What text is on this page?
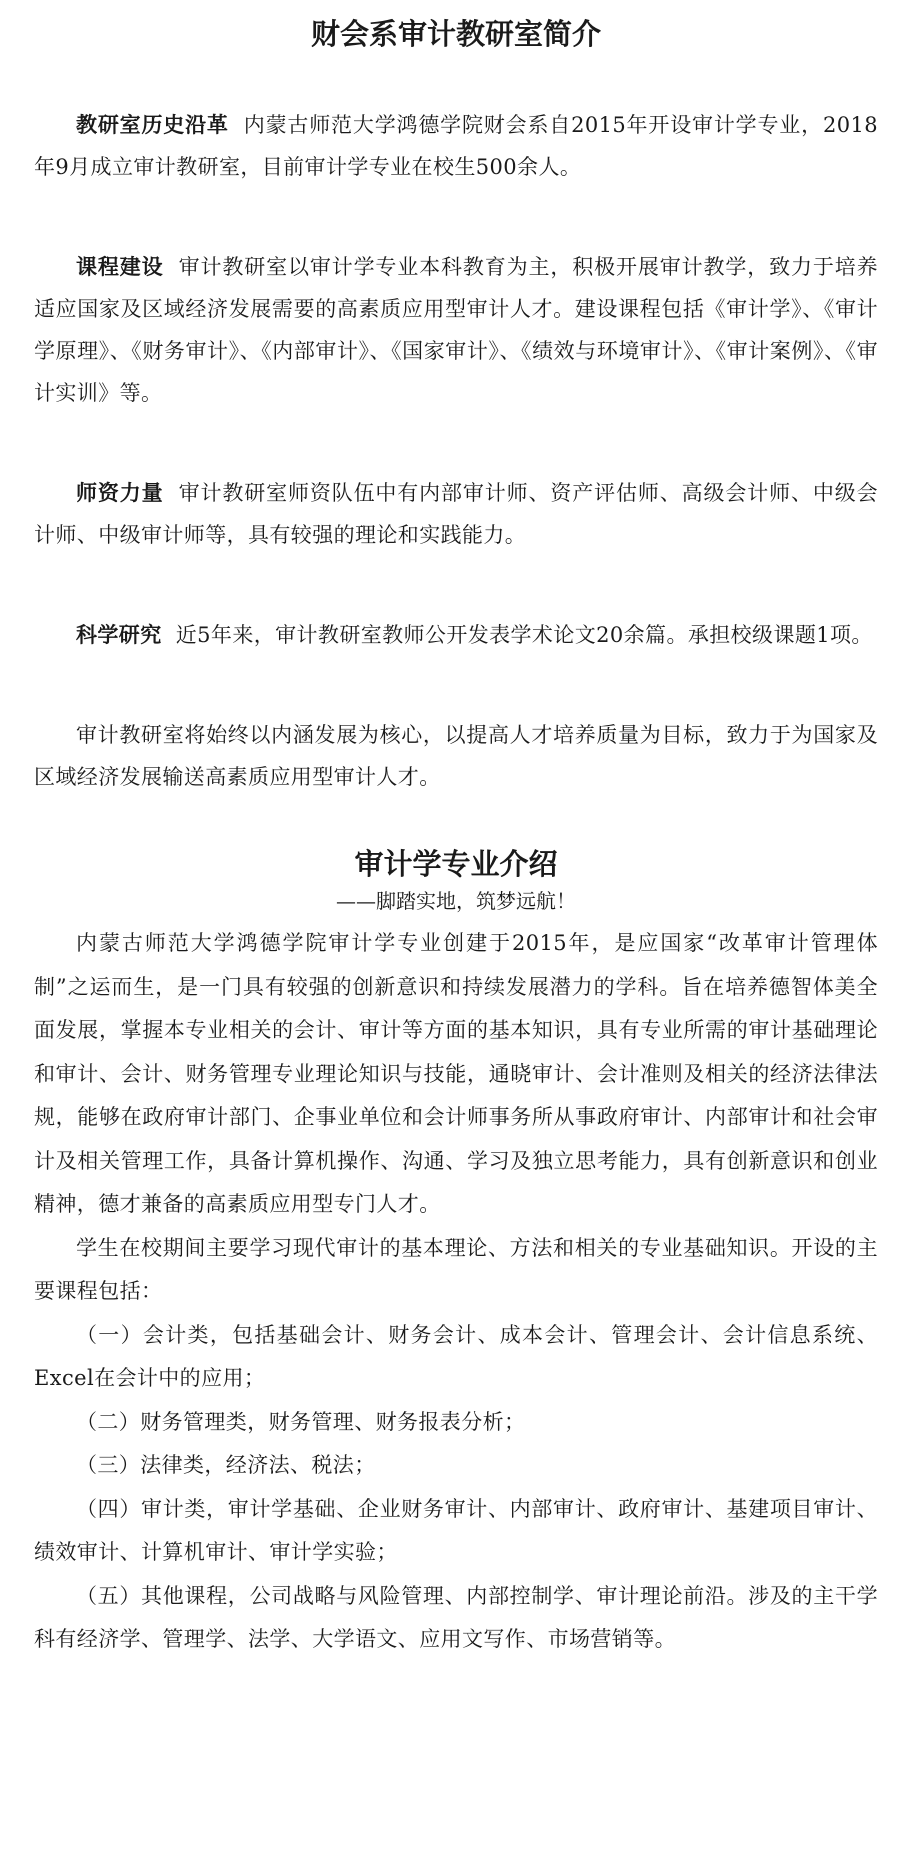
财会系审计教研室简介

教研室历史沿革 内蒙古师范大学鸿德学院财会系自2015年开设审计学专业，2018年9月成立审计教研室，目前审计学专业在校生500余人。

课程建设 审计教研室以审计学专业本科教育为主，积极开展审计教学，致力于培养适应国家及区域经济发展需要的高素质应用型审计人才。建设课程包括《审计学》、《审计学原理》、《财务审计》、《内部审计》、《国家审计》、《绩效与环境审计》、《审计案例》、《审计实训》等。

师资力量 审计教研室师资队伍中有内部审计师、资产评估师、高级会计师、中级会计师、中级审计师等，具有较强的理论和实践能力。

科学研究 近5年来，审计教研室教师公开发表学术论文20余篇。承担校级课题1项。

审计教研室将始终以内涵发展为核心，以提高人才培养质量为目标，致力于为国家及区域经济发展输送高素质应用型审计人才。

审计学专业介绍
——脚踏实地，筑梦远航！

内蒙古师范大学鸿德学院审计学专业创建于2015年，是应国家“改革审计管理体制”之运而生，是一门具有较强的创新意识和持续发展潜力的学科。旨在培养德智体美全面发展，掌握本专业相关的会计、审计等方面的基本知识，具有专业所需的审计基础理论和审计、会计、财务管理专业理论知识与技能，通晓审计、会计准则及相关的经济法律法规，能够在政府审计部门、企事业单位和会计师事务所从事政府审计、内部审计和社会审计及相关管理工作，具备计算机操作、沟通、学习及独立思考能力，具有创新意识和创业精神，德才兼备的高素质应用型专门人才。

学生在校期间主要学习现代审计的基本理论、方法和相关的专业基础知识。开设的主要课程包括：

（一）会计类，包括基础会计、财务会计、成本会计、管理会计、会计信息系统、Excel在会计中的应用；

（二）财务管理类，财务管理、财务报表分析；

（三）法律类，经济法、税法；

（四）审计类，审计学基础、企业财务审计、内部审计、政府审计、基建项目审计、绩效审计、计算机审计、审计学实验；

（五）其他课程，公司战略与风险管理、内部控制学、审计理论前沿。涉及的主干学科有经济学、管理学、法学、大学语文、应用文写作、市场营销等。
